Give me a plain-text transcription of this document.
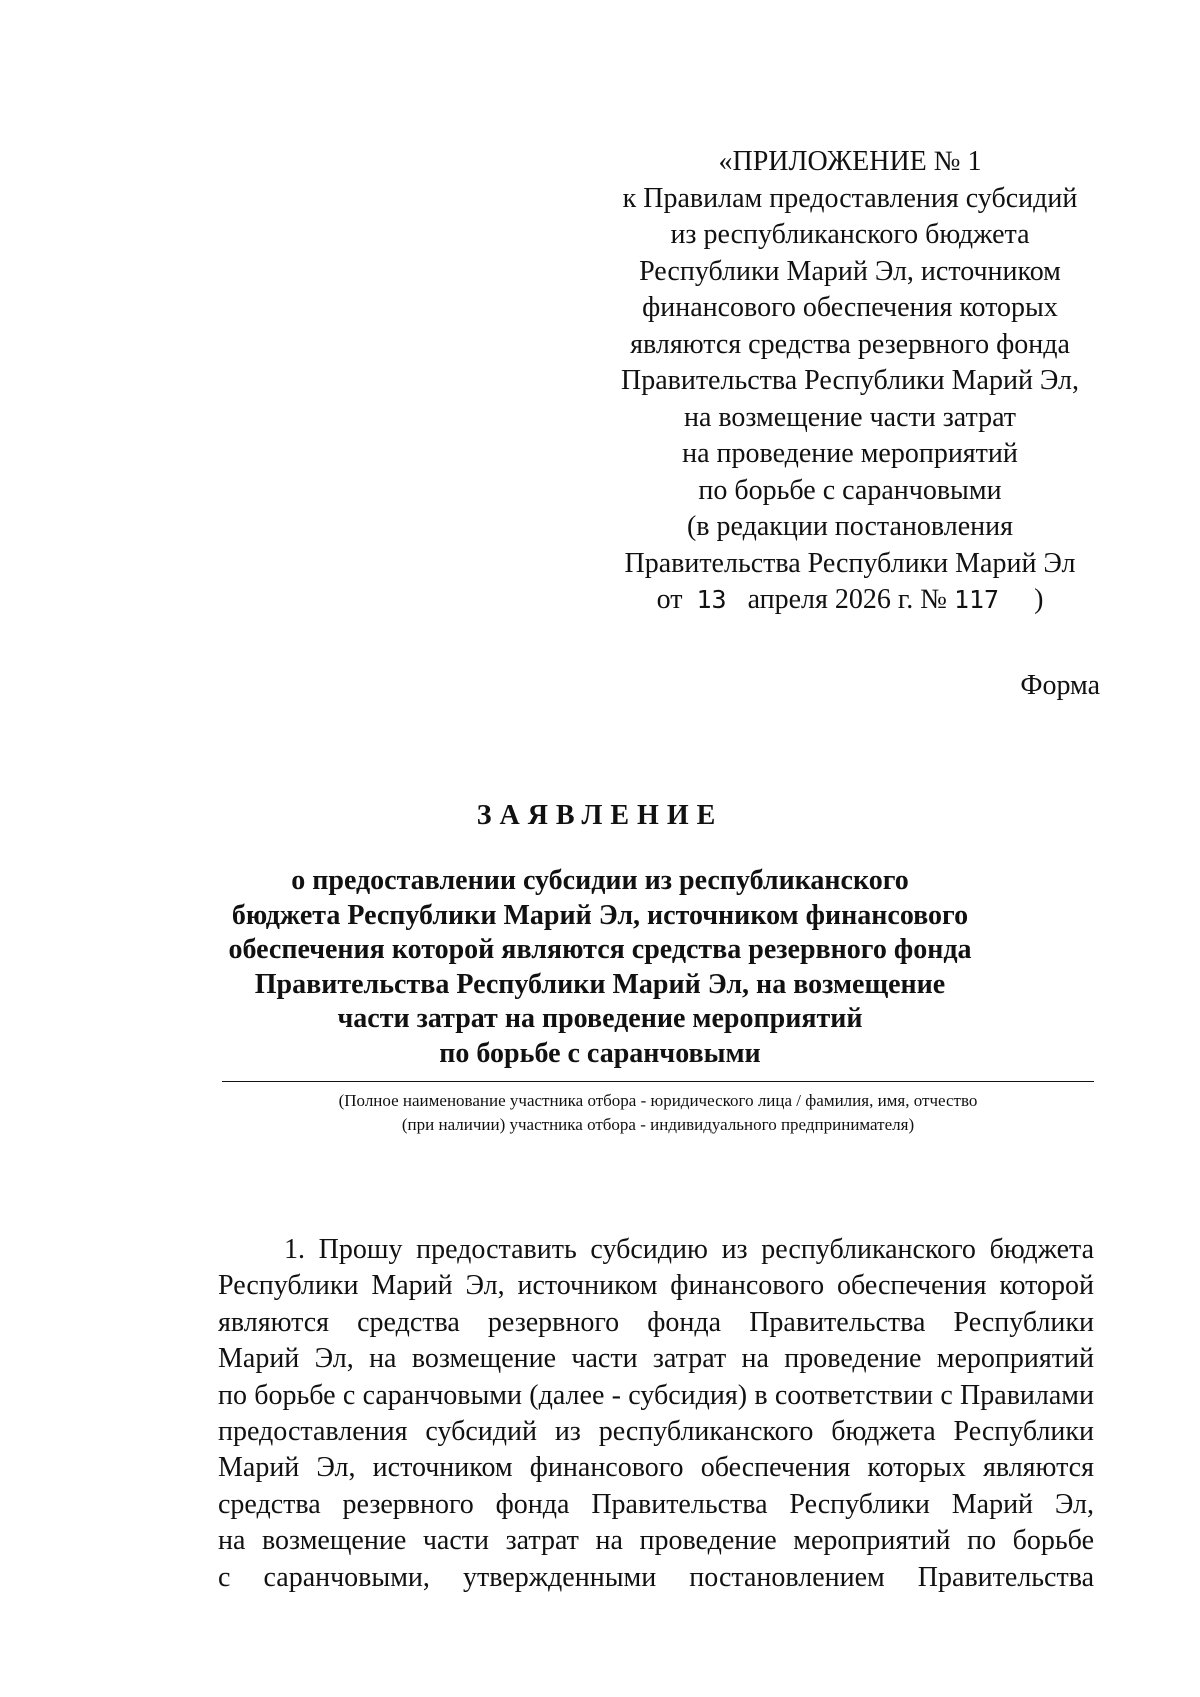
«ПРИЛОЖЕНИЕ № 1
к Правилам предоставления субсидий
из республиканского бюджета
Республики Марий Эл, источником
финансового обеспечения которых
являются средства резервного фонда
Правительства Республики Марий Эл,
на возмещение части затрат
на проведение мероприятий
по борьбе с саранчовыми
(в редакции постановления
Правительства Республики Марий Эл
от 13 апреля 2026 г. № 117 )
Форма
ЗАЯВЛЕНИЕ
о предоставлении субсидии из республиканского
бюджета Республики Марий Эл, источником финансового
обеспечения которой являются средства резервного фонда
Правительства Республики Марий Эл, на возмещение
части затрат на проведение мероприятий
по борьбе с саранчовыми
(Полное наименование участника отбора - юридического лица / фамилия, имя, отчество
(при наличии) участника отбора - индивидуального предпринимателя)
1. Прошу предоставить субсидию из республиканского бюджета
Республики Марий Эл, источником финансового обеспечения которой
являются средства резервного фонда Правительства Республики
Марий Эл, на возмещение части затрат на проведение мероприятий
по борьбе с саранчовыми (далее - субсидия) в соответствии с Правилами
предоставления субсидий из республиканского бюджета Республики
Марий Эл, источником финансового обеспечения которых являются
средства резервного фонда Правительства Республики Марий Эл,
на возмещение части затрат на проведение мероприятий по борьбе
с саранчовыми, утвержденными постановлением Правительства
